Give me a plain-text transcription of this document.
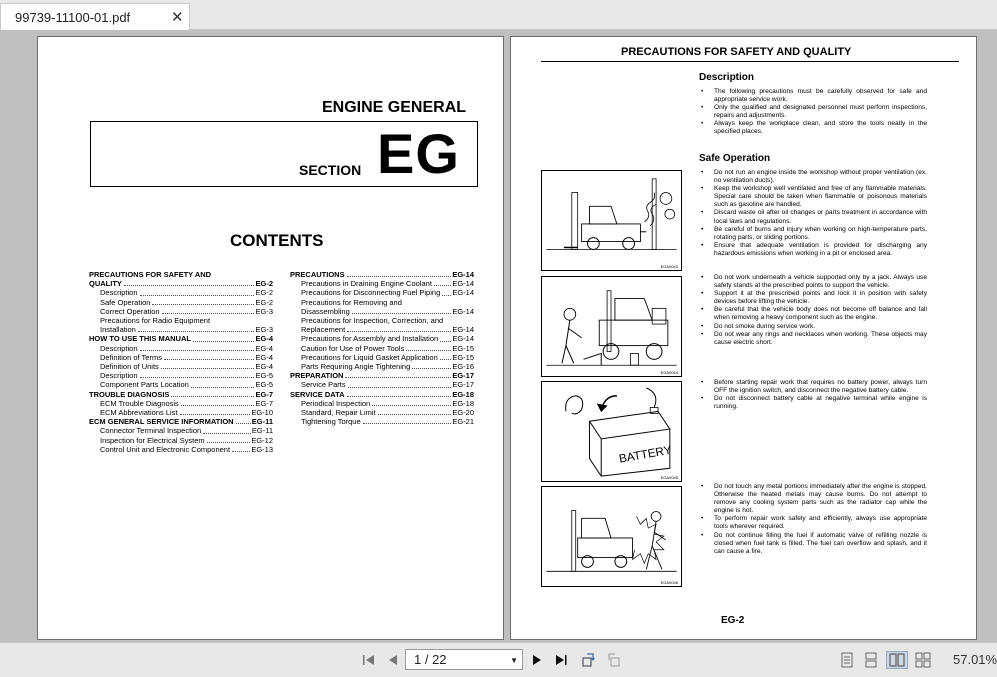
99739-11100-01.pdf	✕
ENGINE GENERAL
SECTION EG
CONTENTS
PRECAUTIONS FOR SAFETY AND
QUALITY	EG-2
Description	EG-2
Safe Operation	EG-2
Correct Operation	EG-3
Precautions for Radio Equipment
Installation	EG-3
HOW TO USE THIS MANUAL	EG-4
Description	EG-4
Definition of Terms	EG-4
Definition of Units	EG-4
Description	EG-5
Component Parts Location	EG-5
TROUBLE DIAGNOSIS	EG-7
ECM Trouble Diagnosis	EG-7
ECM Abbreviations List	EG-10
ECM GENERAL SERVICE INFORMATION EG-11
Connector Terminal Inspection	EG-11
Inspection for Electrical System	EG-12
Control Unit and Electronic Component	EG-13
PRECAUTIONS	EG-14
Precautions in Draining Engine Coolant	EG-14
Precautions for Disconnecting Fuel Piping EG-14
Precautions for Removing and
Disassembling	EG-14
Precautions for Inspection, Correction, and
Replacement	EG-14
Precautions for Assembly and Installation EG-14
Caution for Use of Power Tools	EG-15
Precautions for Liquid Gasket Application EG-15
Parts Requiring Angle Tightening	EG-16
PREPARATION	EG-17
Service Parts	EG-17
SERVICE DATA	EG-18
Periodical Inspection	EG-18
Standard, Repair Limit	EG-20
Tightening Torque	EG-21
PRECAUTIONS FOR SAFETY AND QUALITY
Description
•	The following precautions must be carefully observed for safe and appropriate service work.
•	Only the qualified and designated personnel must perform inspections, repairs and adjustments.
•	Always keep the workplace clean, and store the tools neatly in the specified places.
Safe Operation
•	Do not run an engine inside the workshop without proper ventilation (ex. no ventilation ducts).
•	Keep the workshop well ventilated and free of any flammable materials. Special care should be taken when flammable or poisonous materials such as gasoline are handled.
•	Discard waste oil after oil changes or parts treatment in accordance with local laws and regulations.
•	Be careful of burns and injury when working on high-temperature parts, rotating parts, or sliding portions.
•	Ensure that adequate ventilation is provided for discharging any hazardous emissions when working in a pit or enclosed area.
•	Do not work underneath a vehicle supported only by a jack. Always use safety stands at the prescribed points to support the vehicle.
•	Support it at the prescribed points and lock it in position with safety devices before lifting the vehicle.
•	Be careful that the vehicle body does not become off balance and fall when removing a heavy component such as the engine.
•	Do not smoke during service work.
•	Do not wear any rings and necklaces when working. These objects may cause electric short.
•	Before starting repair work that requires no battery power, always turn OFF the ignition switch, and disconnect the negative battery cable.
•	Do not disconnect battery cable at negative terminal while engine is running.
•	Do not touch any metal portions immediately after the engine is stopped. Otherwise the heated metals may cause burns. Do not attempt to remove any cooling system parts such as the radiator cap while the engine is hot.
•	To perform repair work safely and efficiently, always use appropriate tools wherever required.
•	Do not continue filling the fuel if automatic valve of refilling nozzle is closed when fuel tank is filled. The fuel can overflow and splash, and it can cause a fire.
EGA0043
EGA0044
BATTERY
EGA0045
EGA0046
EG-2
1 / 22	▼	57.01%
